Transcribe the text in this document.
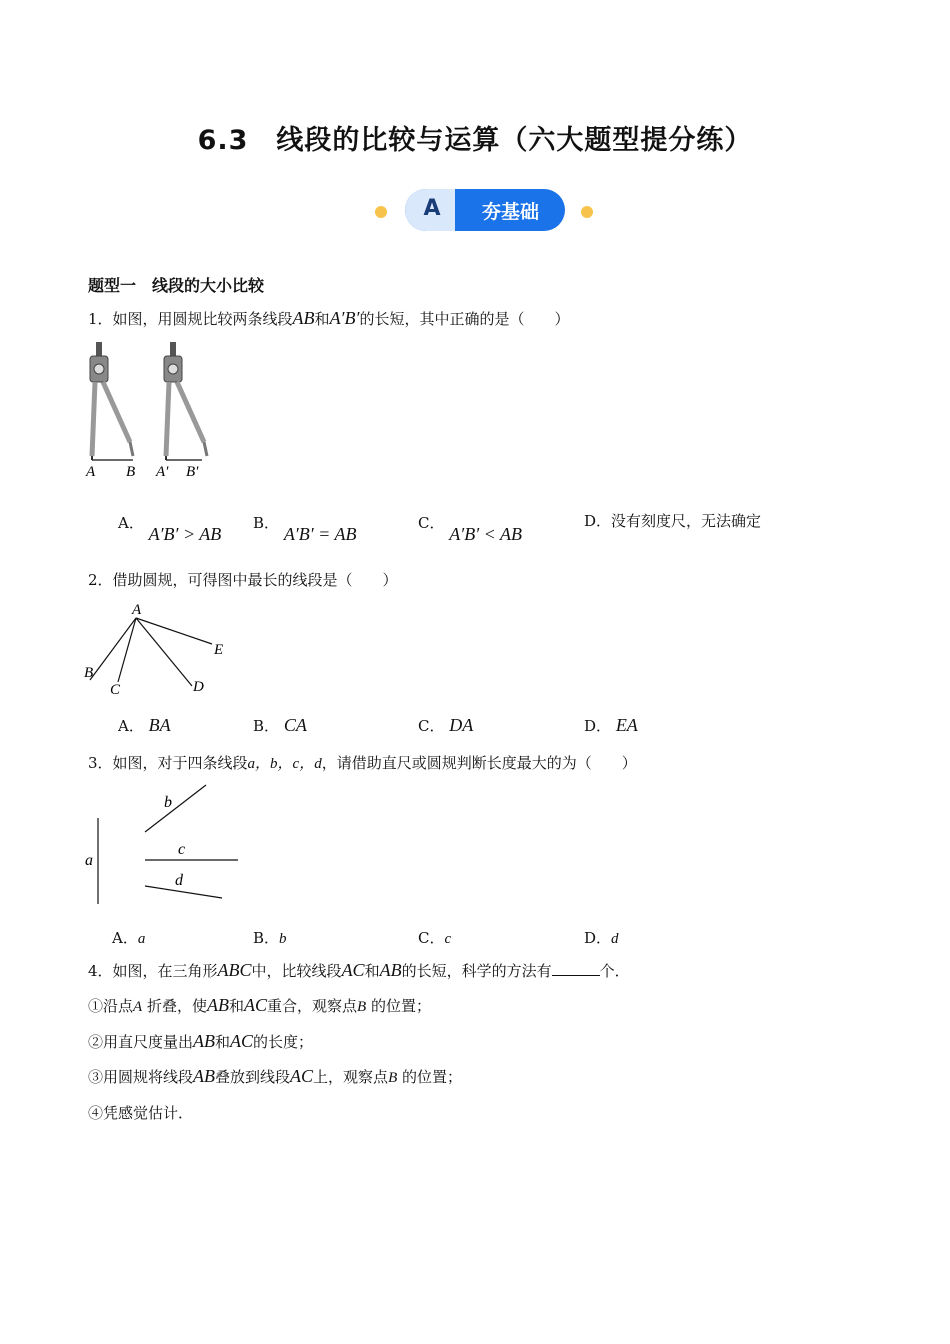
6.3　线段的比较与运算（六大题型提分练）
A	夯基础
题型一　线段的大小比较
1．如图，用圆规比较两条线段AB和A′B′的长短，其中正确的是（　　）
A B A′ B′
A． A′B′ > AB
B． A′B′ = AB
C． A′B′ < AB
D．没有刻度尺，无法确定
2．借助圆规，可得图中最长的线段是（　　）
A
B
C	D
E
A． BA	B． CA	C． DA	D． EA
3．如图，对于四条线段a，b，c，d，请借助直尺或圆规判断长度最大的为（　　）
a
b
c
d
A．a	B．b	C．c	D．d
4．如图，在三角形ABC中，比较线段AC和AB的长短，科学的方法有	个．
①沿点A 折叠，使AB和AC重合，观察点B 的位置；
②用直尺度量出AB和AC的长度；
③用圆规将线段AB叠放到线段AC上，观察点B 的位置；
④凭感觉估计．
